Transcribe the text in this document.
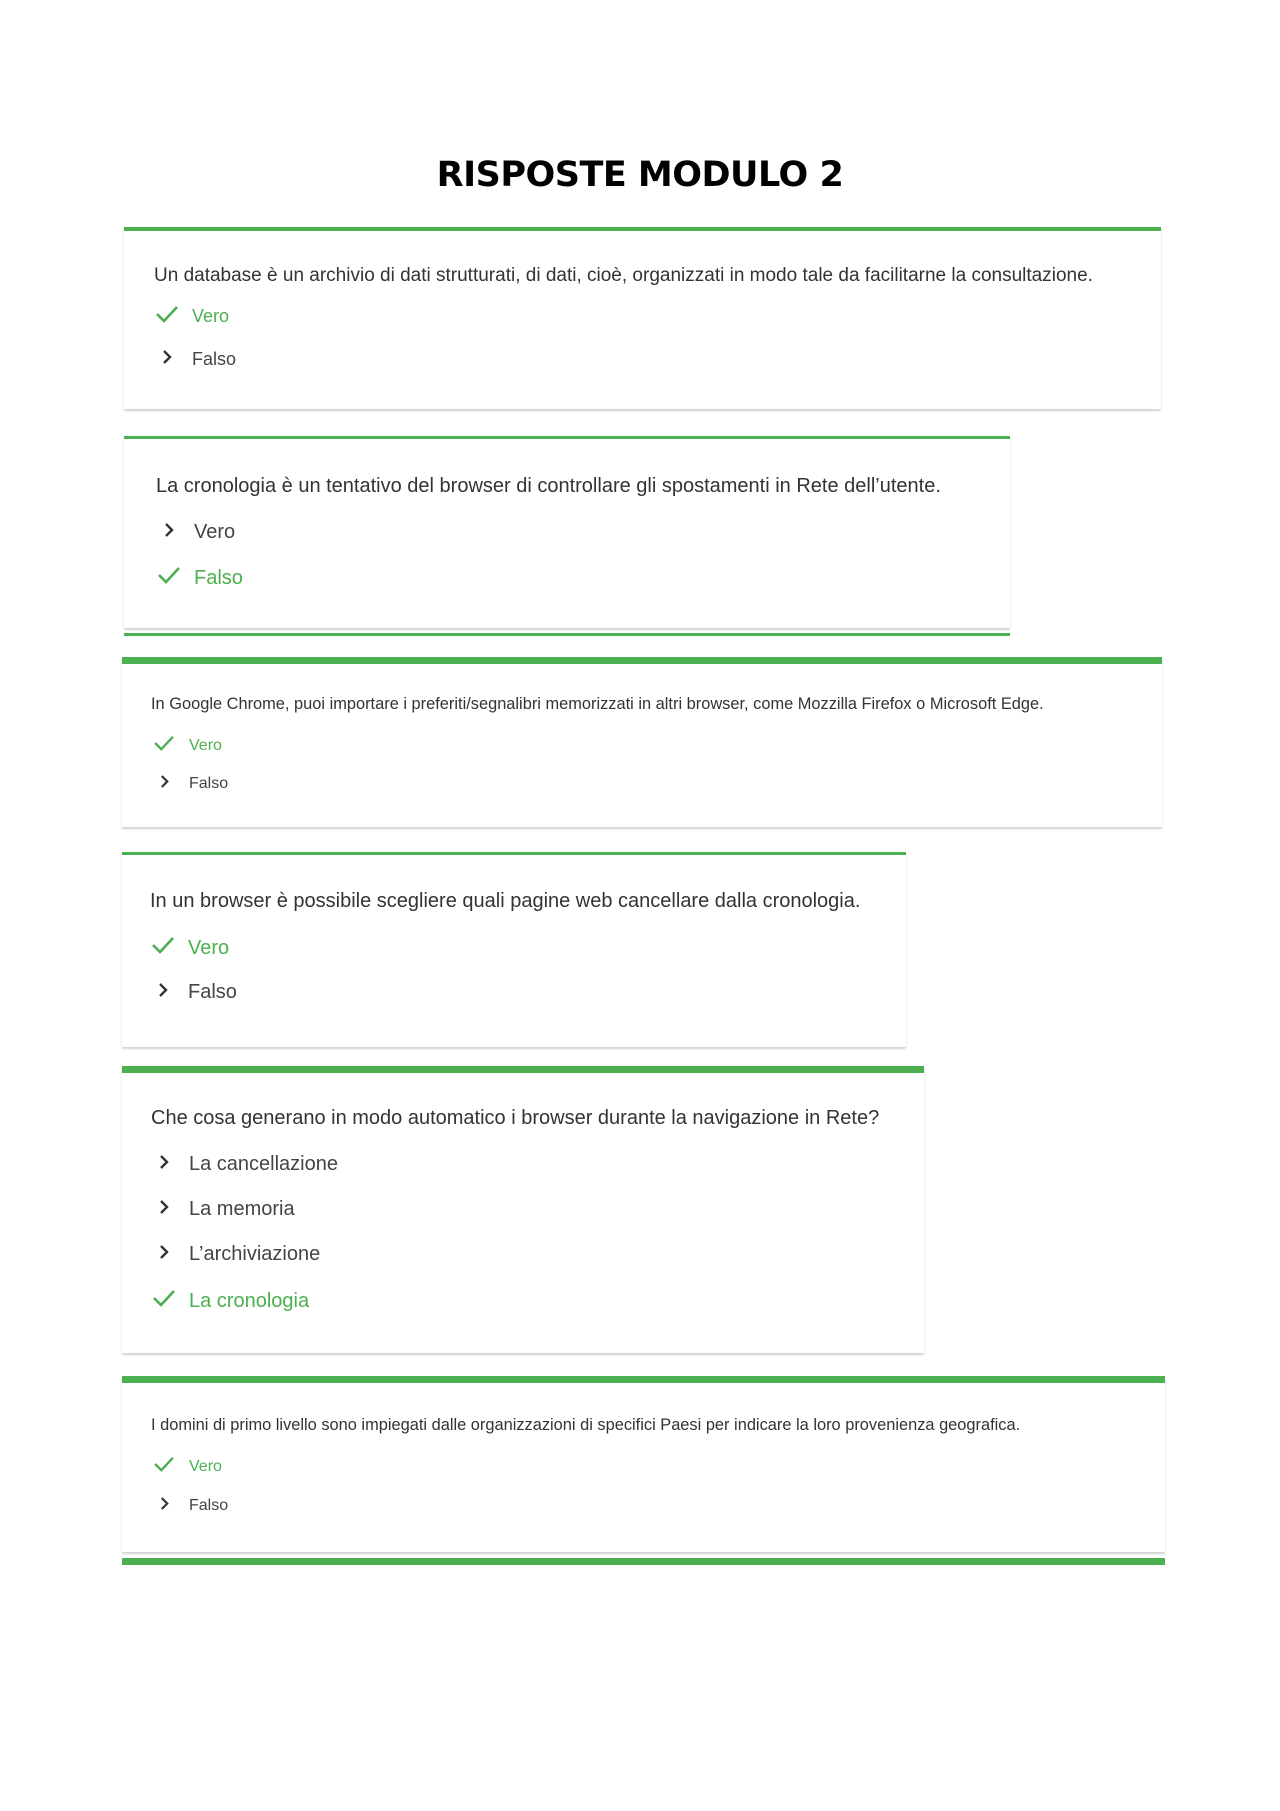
RISPOSTE MODULO 2
Un database è un archivio di dati strutturati, di dati, cioè, organizzati in modo tale da facilitarne la consultazione.
Vero
Falso
La cronologia è un tentativo del browser di controllare gli spostamenti in Rete dell’utente.
Vero
Falso
In Google Chrome, puoi importare i preferiti/segnalibri memorizzati in altri browser, come Mozzilla Firefox o Microsoft Edge.
Vero
Falso
In un browser è possibile scegliere quali pagine web cancellare dalla cronologia.
Vero
Falso
Che cosa generano in modo automatico i browser durante la navigazione in Rete?
La cancellazione
La memoria
L’archiviazione
La cronologia
I domini di primo livello sono impiegati dalle organizzazioni di specifici Paesi per indicare la loro provenienza geografica.
Vero
Falso
